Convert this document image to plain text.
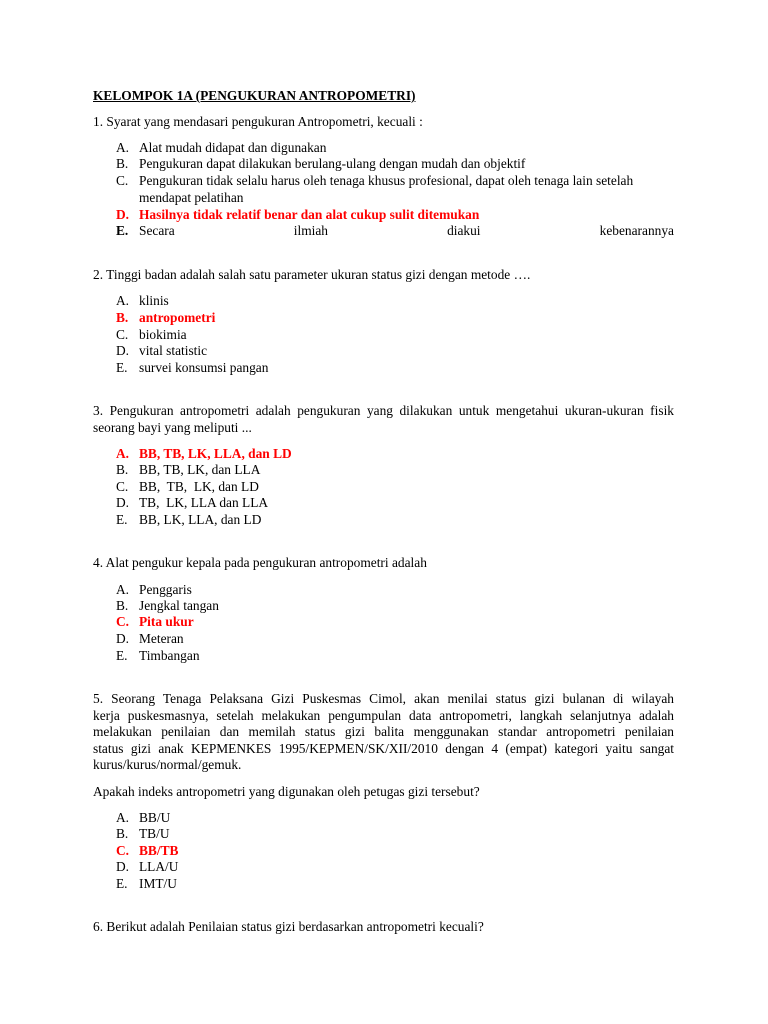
KELOMPOK 1A (PENGUKURAN ANTROPOMETRI)
1. Syarat yang mendasari pengukuran Antropometri, kecuali :
A. Alat mudah didapat dan digunakan
B. Pengukuran dapat dilakukan berulang-ulang dengan mudah dan objektif
C. Pengukuran tidak selalu harus oleh tenaga khusus profesional, dapat oleh tenaga lain setelah
mendapat pelatihan
D. Hasilnya tidak relatif benar dan alat cukup sulit ditemukan
E. Secara	ilmiah	diakui	kebenarannya
2. Tinggi badan adalah salah satu parameter ukuran status gizi dengan metode ….
A. klinis
B. antropometri
C. biokimia
D. vital statistic
E. survei konsumsi pangan
3. Pengukuran antropometri adalah pengukuran yang dilakukan untuk mengetahui ukuran-ukuran fisik
seorang bayi yang meliputi ...
A. BB, TB, LK, LLA, dan LD
B. BB, TB, LK, dan LLA
C. BB,  TB,  LK, dan LD
D. TB,  LK, LLA dan LLA
E. BB, LK, LLA, dan LD
4. Alat pengukur kepala pada pengukuran antropometri adalah
A. Penggaris
B. Jengkal tangan
C. Pita ukur
D. Meteran
E. Timbangan
5. Seorang Tenaga Pelaksana Gizi Puskesmas Cimol, akan menilai status gizi bulanan di wilayah
kerja puskesmasnya, setelah melakukan pengumpulan data antropometri, langkah selanjutnya adalah
melakukan penilaian dan memilah status gizi balita menggunakan standar antropometri penilaian
status gizi anak KEPMENKES 1995/KEPMEN/SK/XII/2010 dengan 4 (empat) kategori yaitu sangat
kurus/kurus/normal/gemuk.
Apakah indeks antropometri yang digunakan oleh petugas gizi tersebut?
A. BB/U
B. TB/U
C. BB/TB
D. LLA/U
E. IMT/U
6. Berikut adalah Penilaian status gizi berdasarkan antropometri kecuali?
